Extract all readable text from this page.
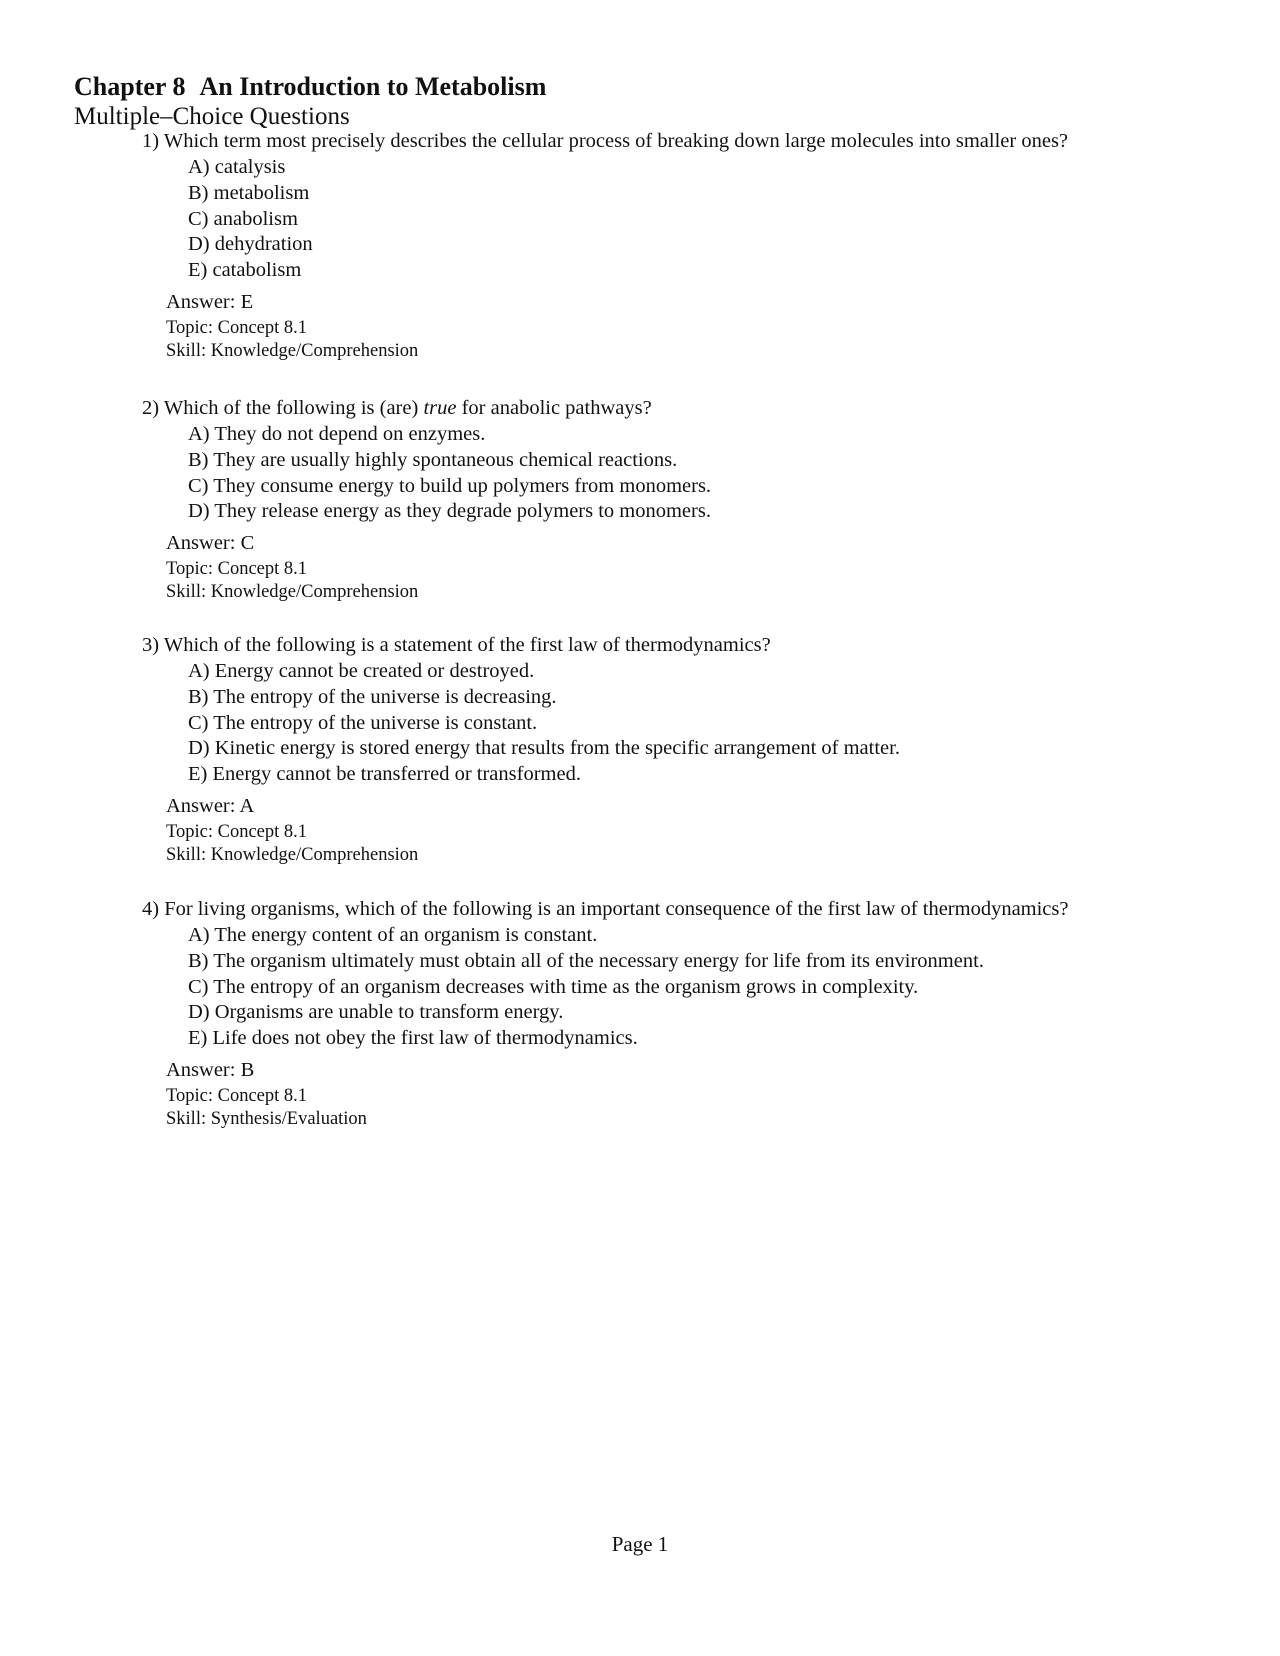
Chapter 8 An Introduction to Metabolism
Multiple–Choice Questions
1) Which term most precisely describes the cellular process of breaking down large molecules into smaller ones?
A) catalysis
B) metabolism
C) anabolism
D) dehydration
E) catabolism
Answer: E
Topic: Concept 8.1
Skill: Knowledge/Comprehension
2) Which of the following is (are) true for anabolic pathways?
A) They do not depend on enzymes.
B) They are usually highly spontaneous chemical reactions.
C) They consume energy to build up polymers from monomers.
D) They release energy as they degrade polymers to monomers.
Answer: C
Topic: Concept 8.1
Skill: Knowledge/Comprehension
3) Which of the following is a statement of the first law of thermodynamics?
A) Energy cannot be created or destroyed.
B) The entropy of the universe is decreasing.
C) The entropy of the universe is constant.
D) Kinetic energy is stored energy that results from the specific arrangement of matter.
E) Energy cannot be transferred or transformed.
Answer: A
Topic: Concept 8.1
Skill: Knowledge/Comprehension
4) For living organisms, which of the following is an important consequence of the first law of thermodynamics?
A) The energy content of an organism is constant.
B) The organism ultimately must obtain all of the necessary energy for life from its environment.
C) The entropy of an organism decreases with time as the organism grows in complexity.
D) Organisms are unable to transform energy.
E) Life does not obey the first law of thermodynamics.
Answer: B
Topic: Concept 8.1
Skill: Synthesis/Evaluation
Page 1
